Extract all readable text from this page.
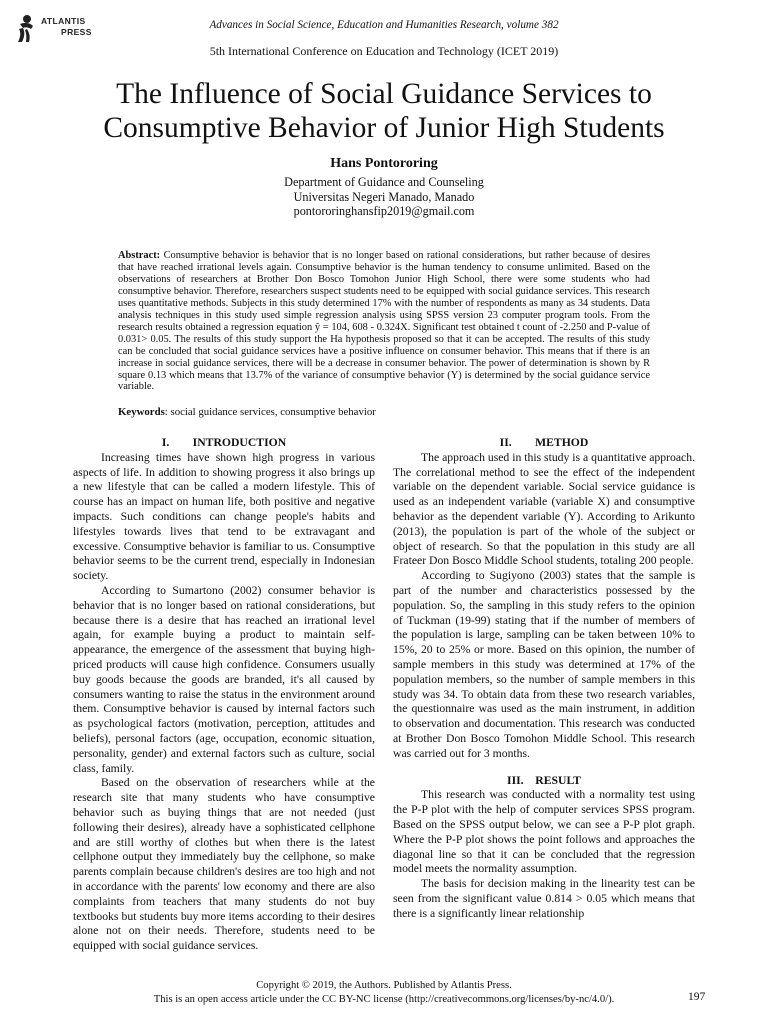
ATLANTIS
PRESS
Advances in Social Science, Education and Humanities Research, volume 382
5th International Conference on Education and Technology (ICET 2019)
The Influence of Social Guidance Services to Consumptive Behavior of Junior High Students
Hans Pontororing
Department of Guidance and Counseling
Universitas Negeri Manado, Manado
pontororinghansfip2019@gmail.com
Abstract: Consumptive behavior is behavior that is no longer based on rational considerations, but rather because of desires that have reached irrational levels again. Consumptive behavior is the human tendency to consume unlimited. Based on the observations of researchers at Brother Don Bosco Tomohon Junior High School, there were some students who had consumptive behavior. Therefore, researchers suspect students need to be equipped with social guidance services. This research uses quantitative methods. Subjects in this study determined 17% with the number of respondents as many as 34 students. Data analysis techniques in this study used simple regression analysis using SPSS version 23 computer program tools. From the research results obtained a regression equation ŷ = 104, 608 - 0.324X. Significant test obtained t count of -2.250 and P-value of 0.031> 0.05. The results of this study support the Ha hypothesis proposed so that it can be accepted. The results of this study can be concluded that social guidance services have a positive influence on consumer behavior. This means that if there is an increase in social guidance services, there will be a decrease in consumer behavior. The power of determination is shown by R square 0.13 which means that 13.7% of the variance of consumptive behavior (Y) is determined by the social guidance service variable.
Keywords: social guidance services, consumptive behavior
I.  INTRODUCTION

Increasing times have shown high progress in various aspects of life. In addition to showing progress it also brings up a new lifestyle that can be called a modern lifestyle. This of course has an impact on human life, both positive and negative impacts. Such conditions can change people's habits and lifestyles towards lives that tend to be extravagant and excessive. Consumptive behavior is familiar to us. Consumptive behavior seems to be the current trend, especially in Indonesian society.

According to Sumartono (2002) consumer behavior is behavior that is no longer based on rational considerations, but because there is a desire that has reached an irrational level again, for example buying a product to maintain self-appearance, the emergence of the assessment that buying high-priced products will cause high confidence. Consumers usually buy goods because the goods are branded, it's all caused by consumers wanting to raise the status in the environment around them. Consumptive behavior is caused by internal factors such as psychological factors (motivation, perception, attitudes and beliefs), personal factors (age, occupation, economic situation, personality, gender) and external factors such as culture, social class, family.

Based on the observation of researchers while at the research site that many students who have consumptive behavior such as buying things that are not needed (just following their desires), already have a sophisticated cellphone and are still worthy of clothes but when there is the latest cellphone output they immediately buy the cellphone, so make parents complain because children's desires are too high and not in accordance with the parents' low economy and there are also complaints from teachers that many students do not buy textbooks but students buy more items according to their desires alone not on their needs. Therefore, students need to be equipped with social guidance services.

II.  METHOD

The approach used in this study is a quantitative approach. The correlational method to see the effect of the independent variable on the dependent variable. Social service guidance is used as an independent variable (variable X) and consumptive behavior as the dependent variable (Y). According to Arikunto (2013), the population is part of the whole of the subject or object of research. So that the population in this study are all Frateer Don Bosco Middle School students, totaling 200 people.

According to Sugiyono (2003) states that the sample is part of the number and characteristics possessed by the population. So, the sampling in this study refers to the opinion of Tuckman (19-99) stating that if the number of members of the population is large, sampling can be taken between 10% to 15%, 20 to 25% or more. Based on this opinion, the number of sample members in this study was determined at 17% of the population members, so the number of sample members in this study was 34. To obtain data from these two research variables, the questionnaire was used as the main instrument, in addition to observation and documentation. This research was conducted at Brother Don Bosco Tomohon Middle School. This research was carried out for 3 months.

III. RESULT

This research was conducted with a normality test using the P-P plot with the help of computer services SPSS program. Based on the SPSS output below, we can see a P-P plot graph. Where the P-P plot shows the point follows and approaches the diagonal line so that it can be concluded that the regression model meets the normality assumption.

The basis for decision making in the linearity test can be seen from the significant value 0.814 > 0.05 which means that there is a significantly linear relationship

Copyright © 2019, the Authors. Published by Atlantis Press.
This is an open access article under the CC BY-NC license (http://creativecommons.org/licenses/by-nc/4.0/).	197
